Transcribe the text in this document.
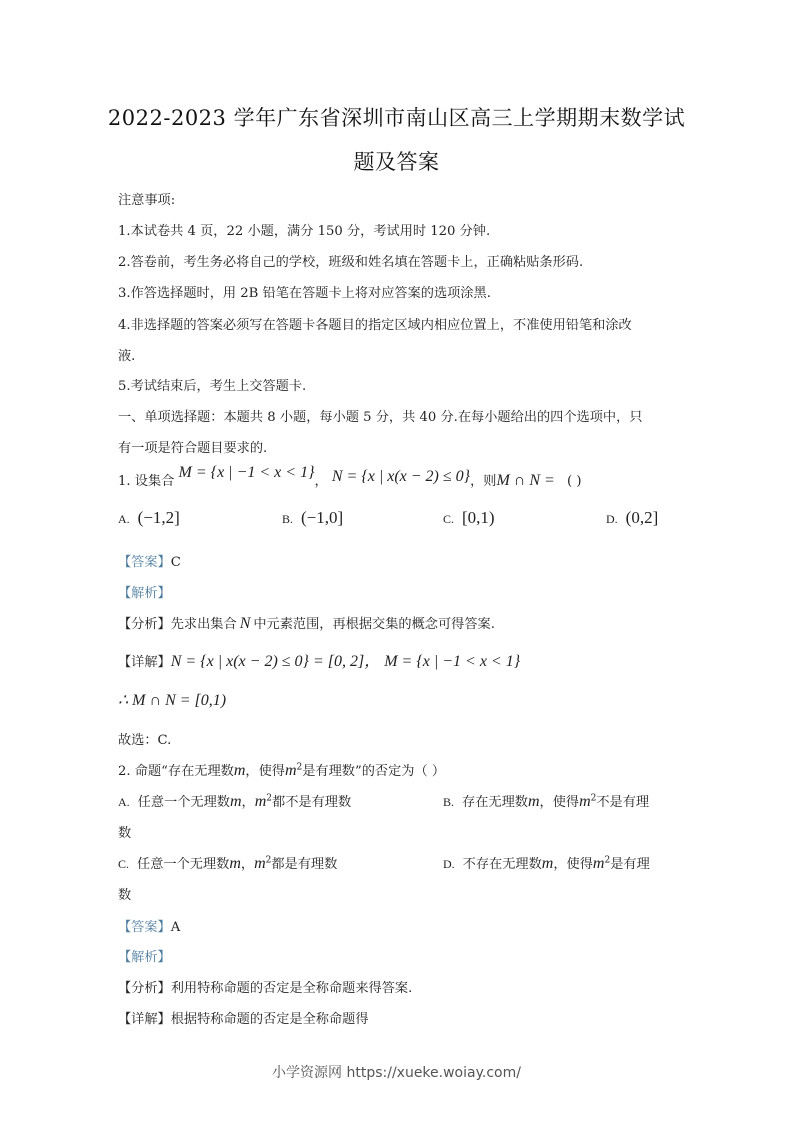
2022-2023 学年广东省深圳市南山区高三上学期期末数学试
题及答案
注意事项:
1.本试卷共 4 页，22 小题，满分 150 分，考试用时 120 分钟.
2.答卷前，考生务必将自己的学校，班级和姓名填在答题卡上，正确粘贴条形码.
3.作答选择题时，用 2B 铅笔在答题卡上将对应答案的选项涂黑.
4.非选择题的答案必须写在答题卡各题目的指定区域内相应位置上，不准使用铅笔和涂改
液.
5.考试结束后，考生上交答题卡.
一、单项选择题：本题共 8 小题，每小题 5 分，共 40 分.在每小题给出的四个选项中，只
有一项是符合题目要求的.
1. 设集合 M = {x | −1 < x < 1}， N = {x | x(x − 2) ≤ 0}，则M ∩ N = ( )
A. (−1,2]	B. (−1,0]	C. [0,1)	D. (0,2]
【答案】C
【解析】
【分析】先求出集合 N 中元素范围，再根据交集的概念可得答案.
【详解】N = {x | x(x − 2) ≤ 0} = [0, 2]， M = {x | −1 < x < 1}
∴ M ∩ N = [0,1)
故选：C.
2. 命题“存在无理数m，使得$m^2$是有理数”的否定为（ ）
A. 任意一个无理数m，$m^2$都不是有理数	B. 存在无理数m，使得$m^2$不是有理
数
C. 任意一个无理数m，$m^2$都是有理数	D. 不存在无理数m，使得$m^2$是有理
数
【答案】A
【解析】
【分析】利用特称命题的否定是全称命题来得答案.
【详解】根据特称命题的否定是全称命题得
小学资源网 https://xueke.woiay.com/
